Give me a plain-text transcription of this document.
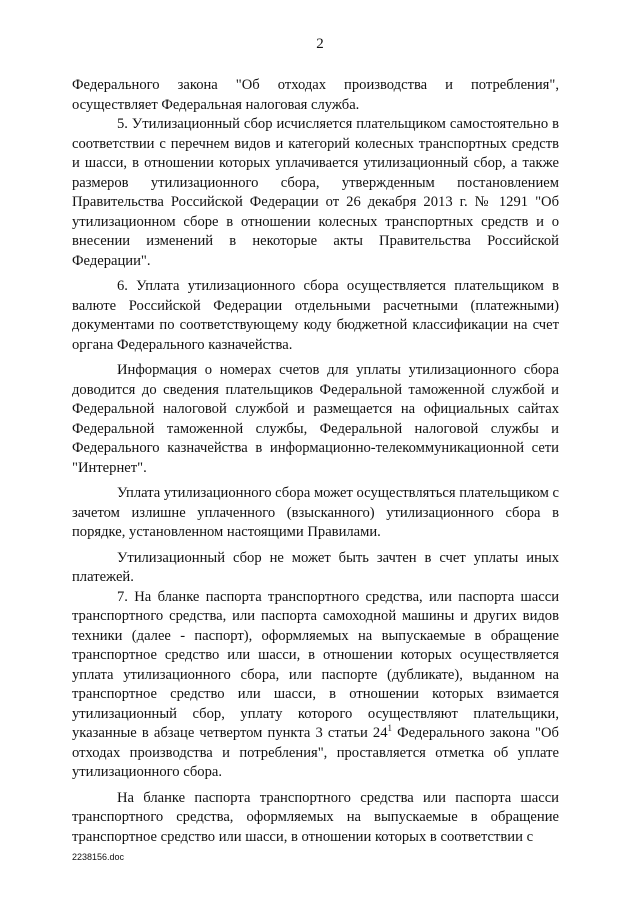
2

Федерального закона "Об отходах производства и потребления", осуществляет Федеральная налоговая служба.

5. Утилизационный сбор исчисляется плательщиком самостоятельно в соответствии с перечнем видов и категорий колесных транспортных средств и шасси, в отношении которых уплачивается утилизационный сбор, а также размеров утилизационного сбора, утвержденным постановлением Правительства Российской Федерации от 26 декабря 2013 г. № 1291 "Об утилизационном сборе в отношении колесных транспортных средств и о внесении изменений в некоторые акты Правительства Российской Федерации".

6. Уплата утилизационного сбора осуществляется плательщиком в валюте Российской Федерации отдельными расчетными (платежными) документами по соответствующему коду бюджетной классификации на счет органа Федерального казначейства.

Информация о номерах счетов для уплаты утилизационного сбора доводится до сведения плательщиков Федеральной таможенной службой и Федеральной налоговой службой и размещается на официальных сайтах Федеральной таможенной службы, Федеральной налоговой службы и Федерального казначейства в информационно-телекоммуникационной сети "Интернет".

Уплата утилизационного сбора может осуществляться плательщиком с зачетом излишне уплаченного (взысканного) утилизационного сбора в порядке, установленном настоящими Правилами.

Утилизационный сбор не может быть зачтен в счет уплаты иных платежей.

7. На бланке паспорта транспортного средства, или паспорта шасси транспортного средства, или паспорта самоходной машины и других видов техники (далее - паспорт), оформляемых на выпускаемые в обращение транспортное средство или шасси, в отношении которых осуществляется уплата утилизационного сбора, или паспорте (дубликате), выданном на транспортное средство или шасси, в отношении которых взимается утилизационный сбор, уплату которого осуществляют плательщики, указанные в абзаце четвертом пункта 3 статьи $24^1$ Федерального закона "Об отходах производства и потребления", проставляется отметка об уплате утилизационного сбора.

На бланке паспорта транспортного средства или паспорта шасси транспортного средства, оформляемых на выпускаемые в обращение транспортное средство или шасси, в отношении которых в соответствии с

2238156.doc
